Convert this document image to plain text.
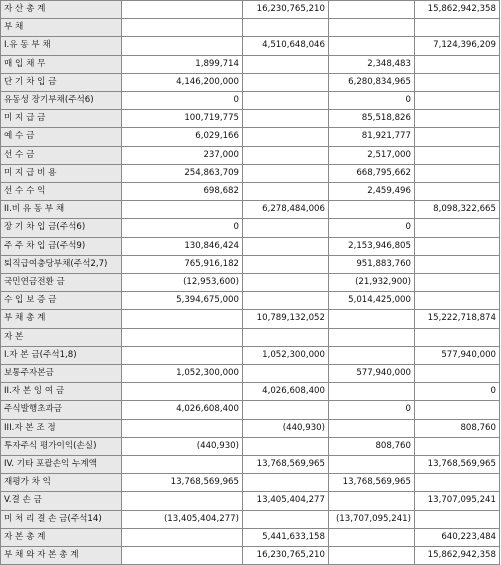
자 산 총 계		16,230,765,210		15,862,942,358
부 채				
I.유 동 부 채		4,510,648,046		7,124,396,209
매 입 채 무	1,899,714		2,348,483	
단 기 차 입 금	4,146,200,000		6,280,834,965	
유동성 장기부채(주석6)	0		0	
미 지 급 금	100,719,775		85,518,826	
예 수 금	6,029,166		81,921,777	
선 수 금	237,000		2,517,000	
미 지 급 비 용	254,863,709		668,795,662	
선 수 수 익	698,682		2,459,496	
II.비 유 동 부 채		6,278,484,006		8,098,322,665
장 기 차 입 금(주석6)	0		0	
주 주 차 입 금(주석9)	130,846,424		2,153,946,805	
퇴직급여충당부채(주석2,7)	765,916,182		951,883,760	
국민연금전환 금	(12,953,600)		(21,932,900)	
수 입 보 증 금	5,394,675,000		5,014,425,000	
부 채 총 계		10,789,132,052		15,222,718,874
자 본				
I.자 본 금(주석1,8)		1,052,300,000		577,940,000
보통주자본금	1,052,300,000		577,940,000	
II.자 본 잉 여 금		4,026,608,400		0
주식발행초과금	4,026,608,400		0	
III.자 본 조 정		(440,930)		808,760
투자주식 평가이익(손실)	(440,930)		808,760	
IV. 기타 포괄손익 누계액		13,768,569,965		13,768,569,965
재평가 차 익	13,768,569,965		13,768,569,965	
V.결 손 금		13,405,404,277		13,707,095,241
미 처 리 결 손 금(주석14)	(13,405,404,277)		(13,707,095,241)	
자 본 총 계		5,441,633,158		640,223,484
부 채 와 자 본 총 계		16,230,765,210		15,862,942,358
